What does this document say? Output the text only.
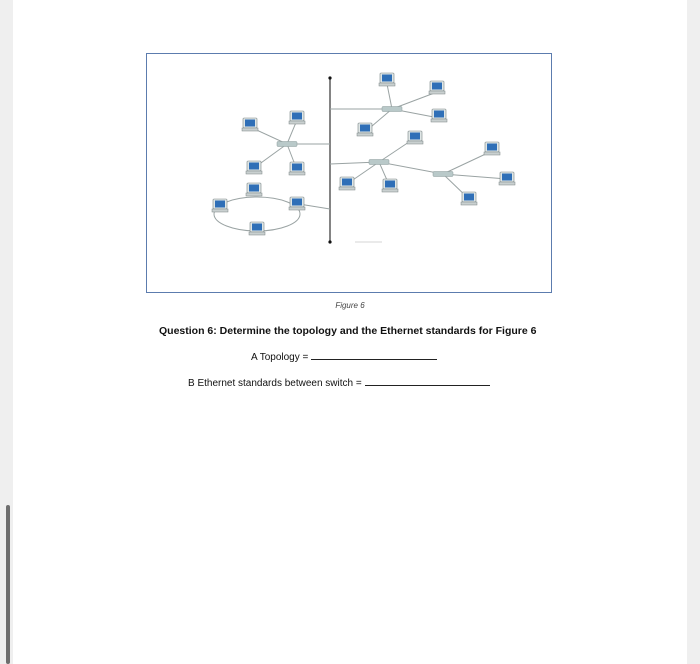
Figure 6
Question 6: Determine the topology and the Ethernet standards for Figure 6
A Topology =
B Ethernet standards between switch =
